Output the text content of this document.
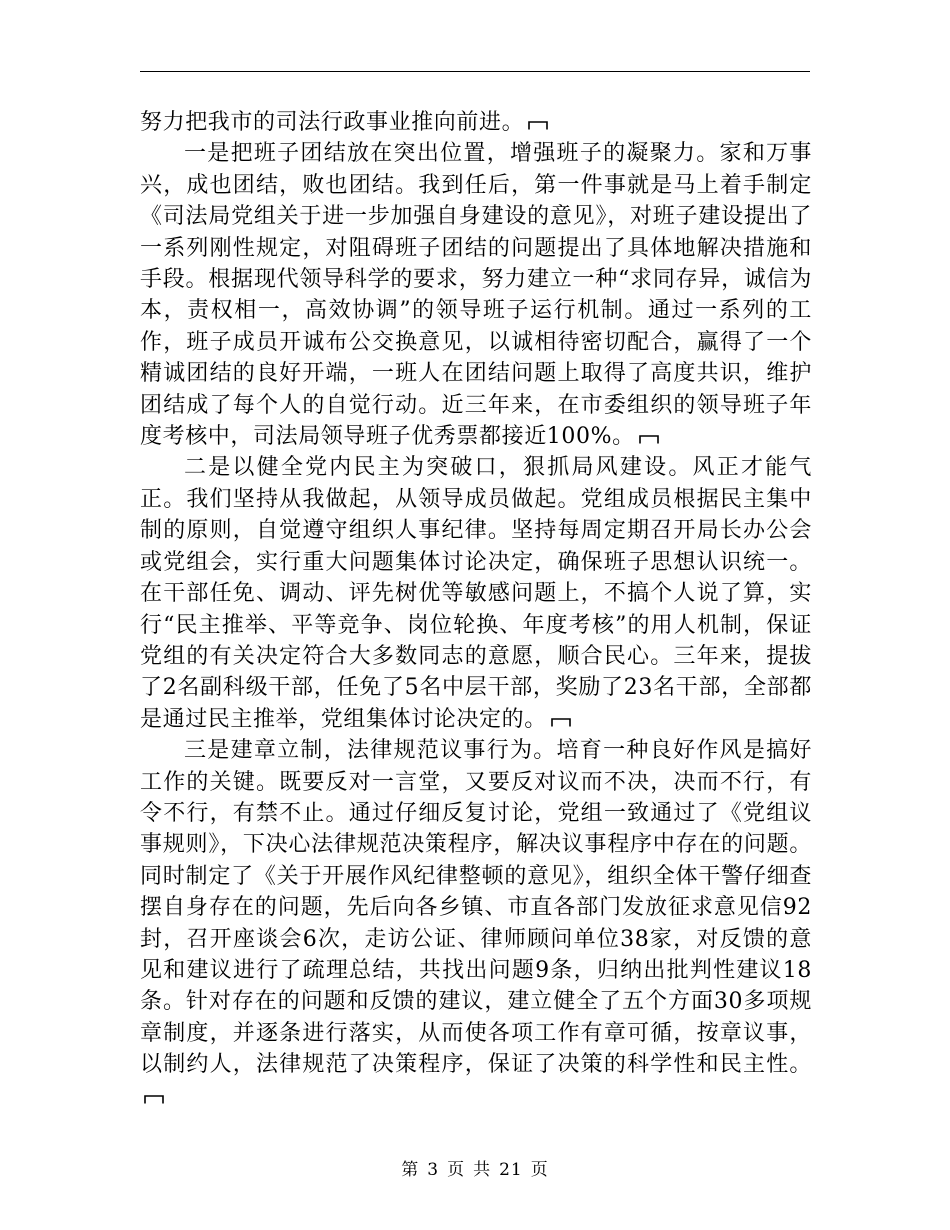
努力把我市的司法行政事业推向前进。

一是把班子团结放在突出位置，增强班子的凝聚力。家和万事兴，成也团结，败也团结。我到任后，第一件事就是马上着手制定《司法局党组关于进一步加强自身建设的意见》，对班子建设提出了一系列刚性规定，对阻碍班子团结的问题提出了具体地解决措施和手段。根据现代领导科学的要求，努力建立一种“求同存异，诚信为本，责权相一，高效协调”的领导班子运行机制。通过一系列的工作，班子成员开诚布公交换意见，以诚相待密切配合，赢得了一个精诚团结的良好开端，一班人在团结问题上取得了高度共识，维护团结成了每个人的自觉行动。近三年来，在市委组织的领导班子年度考核中，司法局领导班子优秀票都接近100%。

二是以健全党内民主为突破口，狠抓局风建设。风正才能气正。我们坚持从我做起，从领导成员做起。党组成员根据民主集中制的原则，自觉遵守组织人事纪律。坚持每周定期召开局长办公会或党组会，实行重大问题集体讨论决定，确保班子思想认识统一。在干部任免、调动、评先树优等敏感问题上，不搞个人说了算，实行“民主推举、平等竞争、岗位轮换、年度考核”的用人机制，保证党组的有关决定符合大多数同志的意愿，顺合民心。三年来，提拔了2名副科级干部，任免了5名中层干部，奖励了23名干部，全部都是通过民主推举，党组集体讨论决定的。

三是建章立制，法律规范议事行为。培育一种良好作风是搞好工作的关键。既要反对一言堂，又要反对议而不决，决而不行，有令不行，有禁不止。通过仔细反复讨论，党组一致通过了《党组议事规则》，下决心法律规范决策程序，解决议事程序中存在的问题。同时制定了《关于开展作风纪律整顿的意见》，组织全体干警仔细查摆自身存在的问题，先后向各乡镇、市直各部门发放征求意见信92封，召开座谈会6次，走访公证、律师顾问单位38家，对反馈的意见和建议进行了疏理总结，共找出问题9条，归纳出批判性建议18条。针对存在的问题和反馈的建议，建立健全了五个方面30多项规章制度，并逐条进行落实，从而使各项工作有章可循，按章议事，以制约人，法律规范了决策程序，保证了决策的科学性和民主性。

第 3 页 共 21 页
